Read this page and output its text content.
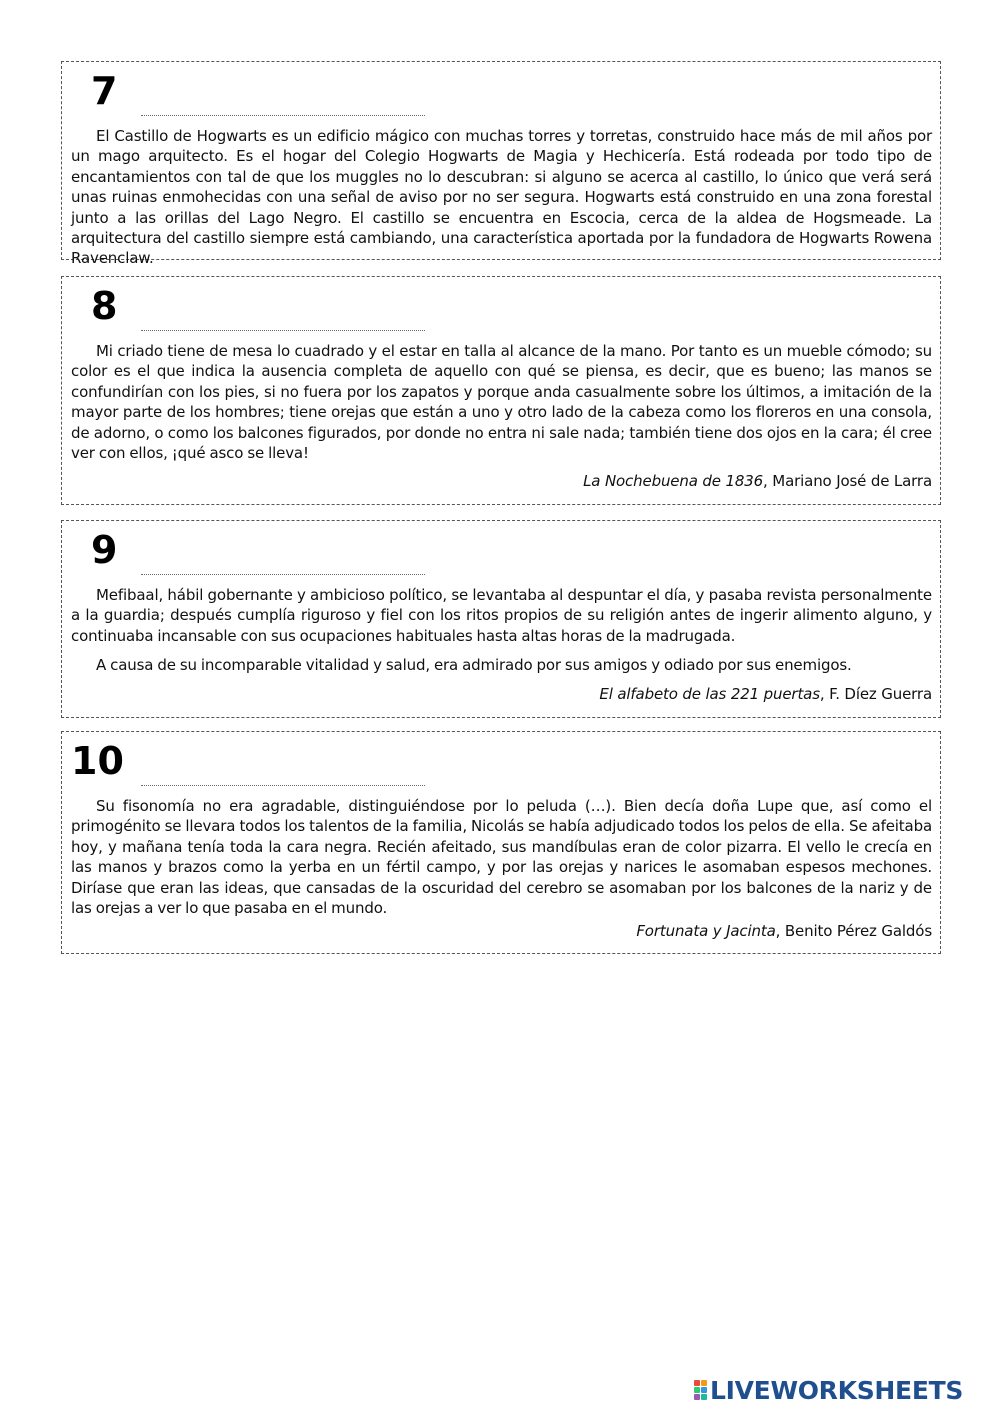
7

El Castillo de Hogwarts es un edificio mágico con muchas torres y torretas, construido hace más de mil años por un mago arquitecto. Es el hogar del Colegio Hogwarts de Magia y Hechicería. Está rodeada por todo tipo de encantamientos con tal de que los muggles no lo descubran: si alguno se acerca al castillo, lo único que verá será unas ruinas enmohecidas con una señal de aviso por no ser segura. Hogwarts está construido en una zona forestal junto a las orillas del Lago Negro. El castillo se encuentra en Escocia, cerca de la aldea de Hogsmeade. La arquitectura del castillo siempre está cambiando, una característica aportada por la fundadora de Hogwarts Rowena Ravenclaw.

8

Mi criado tiene de mesa lo cuadrado y el estar en talla al alcance de la mano. Por tanto es un mueble cómodo; su color es el que indica la ausencia completa de aquello con qué se piensa, es decir, que es bueno; las manos se confundirían con los pies, si no fuera por los zapatos y porque anda casualmente sobre los últimos, a imitación de la mayor parte de los hombres; tiene orejas que están a uno y otro lado de la cabeza como los floreros en una consola, de adorno, o como los balcones figurados, por donde no entra ni sale nada; también tiene dos ojos en la cara; él cree ver con ellos, ¡qué asco se lleva!

La Nochebuena de 1836, Mariano José de Larra
9

Mefibaal, hábil gobernante y ambicioso político, se levantaba al despuntar el día, y pasaba revista personalmente a la guardia; después cumplía riguroso y fiel con los ritos propios de su religión antes de ingerir alimento alguno, y continuaba incansable con sus ocupaciones habituales hasta altas horas de la madrugada.

A causa de su incomparable vitalidad y salud, era admirado por sus amigos y odiado por sus enemigos.

El alfabeto de las 221 puertas, F. Díez Guerra
10

Su fisonomía no era agradable, distinguiéndose por lo peluda (…). Bien decía doña Lupe que, así como el primogénito se llevara todos los talentos de la familia, Nicolás se había adjudicado todos los pelos de ella. Se afeitaba hoy, y mañana tenía toda la cara negra. Recién afeitado, sus mandíbulas eran de color pizarra. El vello le crecía en las manos y brazos como la yerba en un fértil campo, y por las orejas y narices le asomaban espesos mechones. Diríase que eran las ideas, que cansadas de la oscuridad del cerebro se asomaban por los balcones de la nariz y de las orejas a ver lo que pasaba en el mundo.

Fortunata y Jacinta, Benito Pérez Galdós
LIVEWORKSHEETS
